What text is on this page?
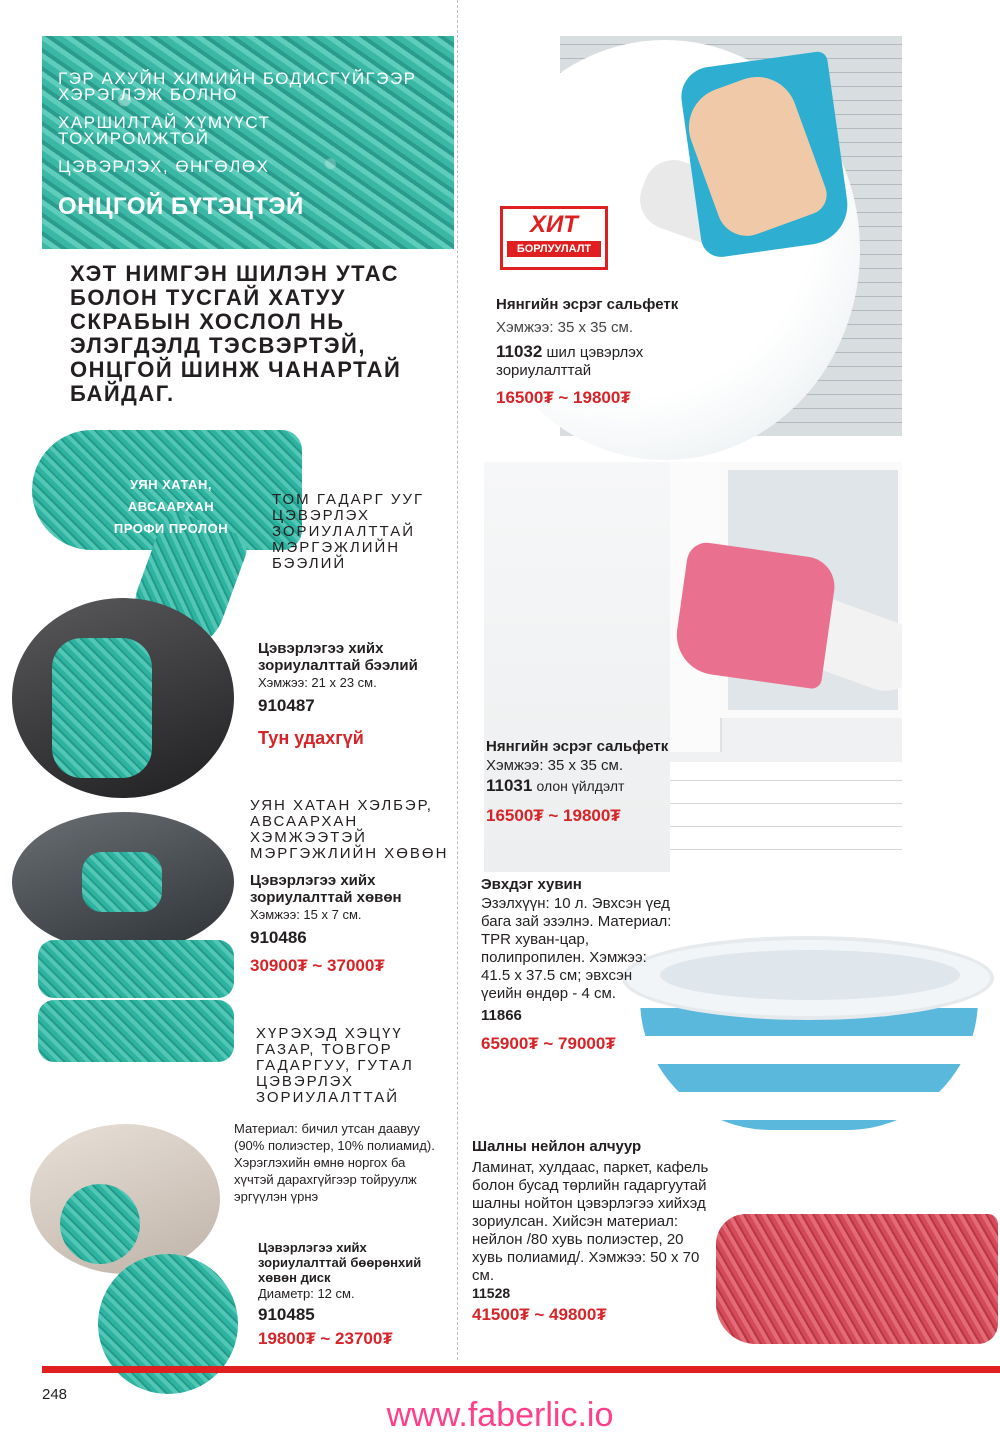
ГЭР АХУЙН ХИМИЙН БОДИСГҮЙГЭЭР
ХЭРЭГЛЭЖ БОЛНО
ХАРШИЛТАЙ ХҮМҮҮСТ
ТОХИРОМЖТОЙ
ЦЭВЭРЛЭХ, ӨНГӨЛӨХ
ОНЦГОЙ БҮТЭЦТЭЙ
ХЭТ НИМГЭН ШИЛЭН УТАС БОЛОН ТУСГАЙ ХАТУУ СКРАБЫН ХОСЛОЛ НЬ ЭЛЭГДЭЛД ТЭСВЭРТЭЙ, ОНЦГОЙ ШИНЖ ЧАНАРТАЙ БАЙДАГ.
ХИТ
БОРЛУУЛАЛТ
Нянгийн эсрэг сальфетк
Хэмжээ: 35 х 35 см.
11032 шил цэвэрлэх зориулалттай
16500₮ ~ 19800₮
Нянгийн эсрэг сальфетк
Хэмжээ: 35 х 35 см.
11031 олон үйлдэлт
16500₮ ~ 19800₮
УЯН ХАТАН,
АВСААРХАН
ПРОФИ ПРОЛОН
ТОМ ГАДАРГ УУГ ЦЭВЭРЛЭХ ЗОРИУЛАЛТТАЙ МЭРГЭЖЛИЙН БЭЭЛИЙ
Цэвэрлэгээ хийх зориулалттай бээлий
Хэмжээ: 21 х 23 см.
910487
Тун удахгүй
УЯН ХАТАН ХЭЛБЭР, АВСААРХАН ХЭМЖЭЭТЭЙ МЭРГЭЖЛИЙН ХӨВӨН
Цэвэрлэгээ хийх зориулалттай хөвөн
Хэмжээ: 15 х 7 см.
910486
30900₮ ~ 37000₮
ХҮРЭХЭД ХЭЦҮҮ ГАЗАР, ТОВГОР ГАДАРГУУ, ГУТАЛ ЦЭВЭРЛЭХ ЗОРИУЛАЛТТАЙ
Материал: бичил утсан даавуу (90% полиэстер, 10% полиамид). Хэрэглэхийн өмнө норгох ба хүчтэй дарахгүйгээр тойруулж эргүүлэн үрнэ
Цэвэрлэгээ хийх зориулалттай бөөрөнхий хөвөн диск
Диаметр: 12 см.
910485
19800₮ ~ 23700₮
Эвхдэг хувин
Эзэлхүүн: 10 л. Эвхсэн үед бага зай эзэлнэ. Материал: TPR хуван-цар, полипропилен. Хэмжээ: 41.5 х 37.5 см; эвхсэн үеийн өндөр - 4 см.
11866
65900₮ ~ 79000₮
Шалны нейлон алчуур
Ламинат, хулдаас, паркет, кафель болон бусад төрлийн гадаргуутай шалны нойтон цэвэрлэгээ хийхэд зориулсан. Хийсэн материал: нейлон /80 хувь полиэстер, 20 хувь полиамид/. Хэмжээ: 50 х 70 см.
11528
41500₮ ~ 49800₮
248
www.faberlic.io
